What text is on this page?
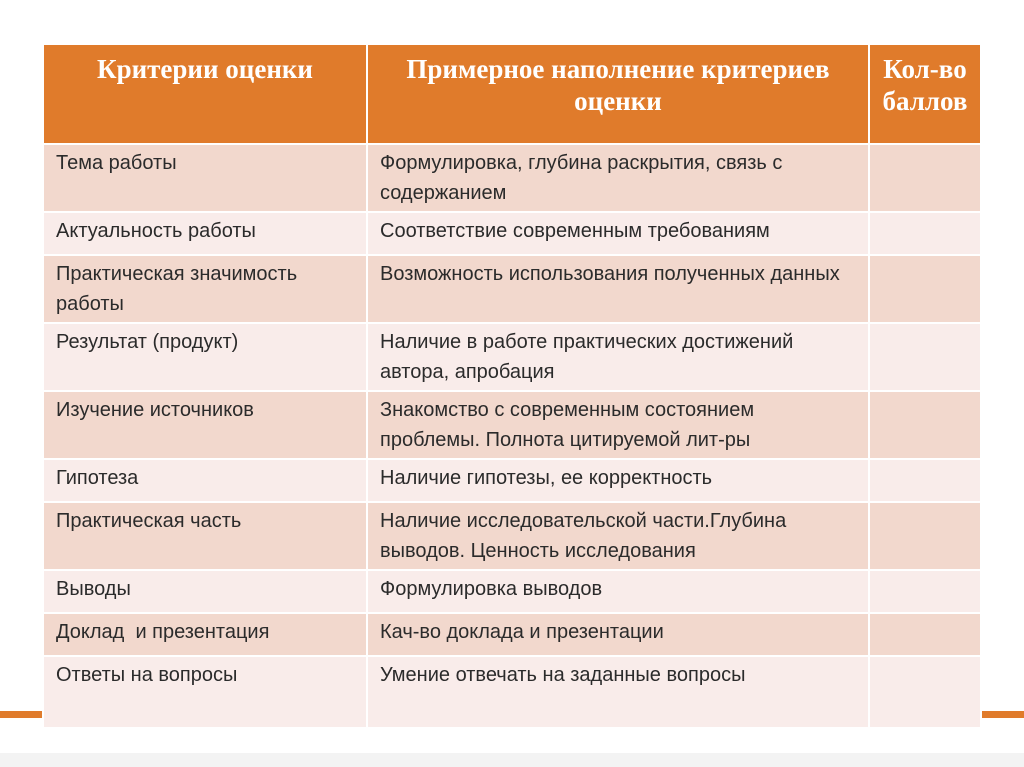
Критерии оценки	Примерное наполнение критериев оценки	Кол-во баллов
Тема работы	Формулировка, глубина раскрытия, связь с содержанием	
Актуальность работы	Соответствие современным требованиям	
Практическая значимость работы	Возможность использования полученных данных	
Результат (продукт)	Наличие в работе практических достижений автора, апробация	
Изучение источников	Знакомство с современным состоянием проблемы. Полнота цитируемой лит-ры	
Гипотеза	Наличие гипотезы, ее корректность	
Практическая часть	Наличие исследовательской части.Глубина выводов. Ценность исследования	
Выводы	Формулировка выводов	
Доклад  и презентация	Кач-во доклада и презентации	
Ответы на вопросы	Умение отвечать на заданные вопросы	
